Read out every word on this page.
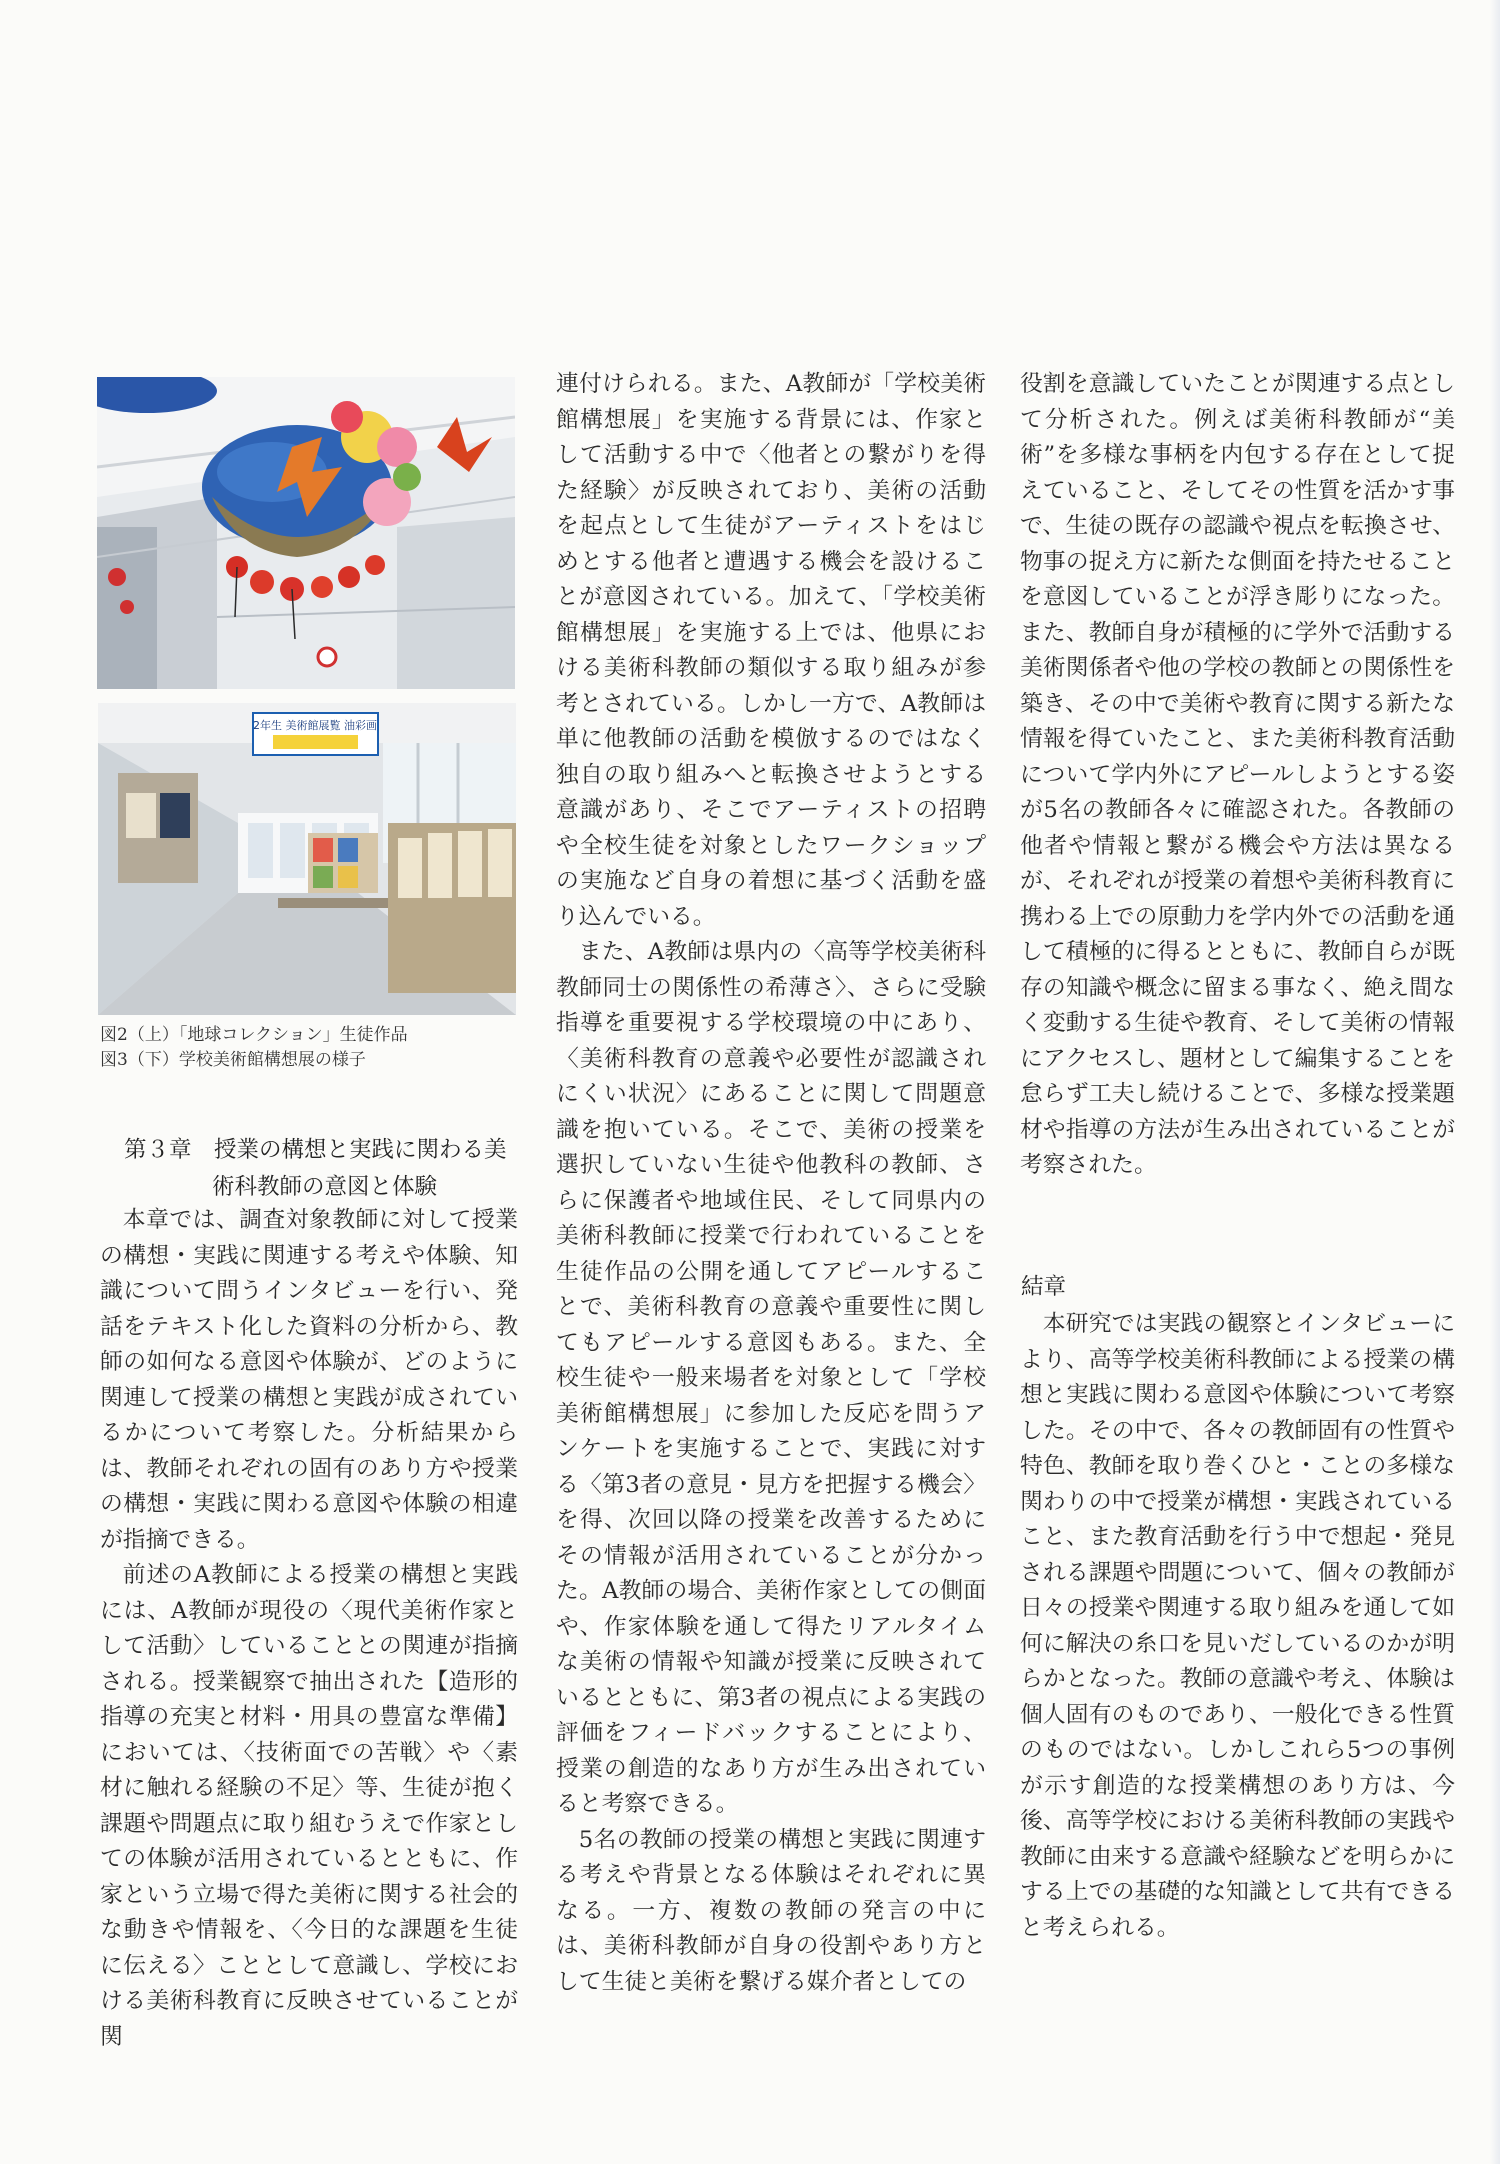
2年生 美術館展覧 油彩画
図2（上）「地球コレクション」生徒作品
図3（下）学校美術館構想展の様子
第３章　授業の構想と実践に関わる美
術科教師の意図と体験

本章では、調査対象教師に対して授業の構想・実践に関連する考えや体験、知識について問うインタビューを行い、発話をテキスト化した資料の分析から、教師の如何なる意図や体験が、どのように関連して授業の構想と実践が成されているかについて考察した。分析結果からは、教師それぞれの固有のあり方や授業の構想・実践に関わる意図や体験の相違が指摘できる。

前述のA教師による授業の構想と実践には、A教師が現役の〈現代美術作家として活動〉していることとの関連が指摘される。授業観察で抽出された【造形的指導の充実と材料・用具の豊富な準備】においては、〈技術面での苦戦〉や〈素材に触れる経験の不足〉等、生徒が抱く課題や問題点に取り組むうえで作家としての体験が活用されているとともに、作家という立場で得た美術に関する社会的な動きや情報を、〈今日的な課題を生徒に伝える〉こととして意識し、学校における美術科教育に反映させていることが関

連付けられる。また、A教師が「学校美術館構想展」を実施する背景には、作家として活動する中で〈他者との繋がりを得た経験〉が反映されており、美術の活動を起点として生徒がアーティストをはじめとする他者と遭遇する機会を設けることが意図されている。加えて、「学校美術館構想展」を実施する上では、他県における美術科教師の類似する取り組みが参考とされている。しかし一方で、A教師は単に他教師の活動を模倣するのではなく独自の取り組みへと転換させようとする意識があり、そこでアーティストの招聘や全校生徒を対象としたワークショップの実施など自身の着想に基づく活動を盛り込んでいる。

また、A教師は県内の〈高等学校美術科教師同士の関係性の希薄さ〉、さらに受験指導を重要視する学校環境の中にあり、〈美術科教育の意義や必要性が認識されにくい状況〉にあることに関して問題意識を抱いている。そこで、美術の授業を選択していない生徒や他教科の教師、さらに保護者や地域住民、そして同県内の美術科教師に授業で行われていることを生徒作品の公開を通してアピールすることで、美術科教育の意義や重要性に関してもアピールする意図もある。また、全校生徒や一般来場者を対象として「学校美術館構想展」に参加した反応を問うアンケートを実施することで、実践に対する〈第3者の意見・見方を把握する機会〉を得、次回以降の授業を改善するためにその情報が活用されていることが分かった。A教師の場合、美術作家としての側面や、作家体験を通して得たリアルタイムな美術の情報や知識が授業に反映されているとともに、第3者の視点による実践の評価をフィードバックすることにより、授業の創造的なあり方が生み出されていると考察できる。

5名の教師の授業の構想と実践に関連する考えや背景となる体験はそれぞれに異なる。一方、複数の教師の発言の中には、美術科教師が自身の役割やあり方として生徒と美術を繋げる媒介者としての

役割を意識していたことが関連する点として分析された。例えば美術科教師が“美術”を多様な事柄を内包する存在として捉えていること、そしてその性質を活かす事で、生徒の既存の認識や視点を転換させ、物事の捉え方に新たな側面を持たせることを意図していることが浮き彫りになった。また、教師自身が積極的に学外で活動する美術関係者や他の学校の教師との関係性を築き、その中で美術や教育に関する新たな情報を得ていたこと、また美術科教育活動について学内外にアピールしようとする姿が5名の教師各々に確認された。各教師の他者や情報と繋がる機会や方法は異なるが、それぞれが授業の着想や美術科教育に携わる上での原動力を学内外での活動を通して積極的に得るとともに、教師自らが既存の知識や概念に留まる事なく、絶え間なく変動する生徒や教育、そして美術の情報にアクセスし、題材として編集することを怠らず工夫し続けることで、多様な授業題材や指導の方法が生み出されていることが考察された。

結章

本研究では実践の観察とインタビューにより、高等学校美術科教師による授業の構想と実践に関わる意図や体験について考察した。その中で、各々の教師固有の性質や特色、教師を取り巻くひと・ことの多様な関わりの中で授業が構想・実践されていること、また教育活動を行う中で想起・発見される課題や問題について、個々の教師が日々の授業や関連する取り組みを通して如何に解決の糸口を見いだしているのかが明らかとなった。教師の意識や考え、体験は個人固有のものであり、一般化できる性質のものではない。しかしこれら5つの事例が示す創造的な授業構想のあり方は、今後、高等学校における美術科教師の実践や教師に由来する意識や経験などを明らかにする上での基礎的な知識として共有できると考えられる。
